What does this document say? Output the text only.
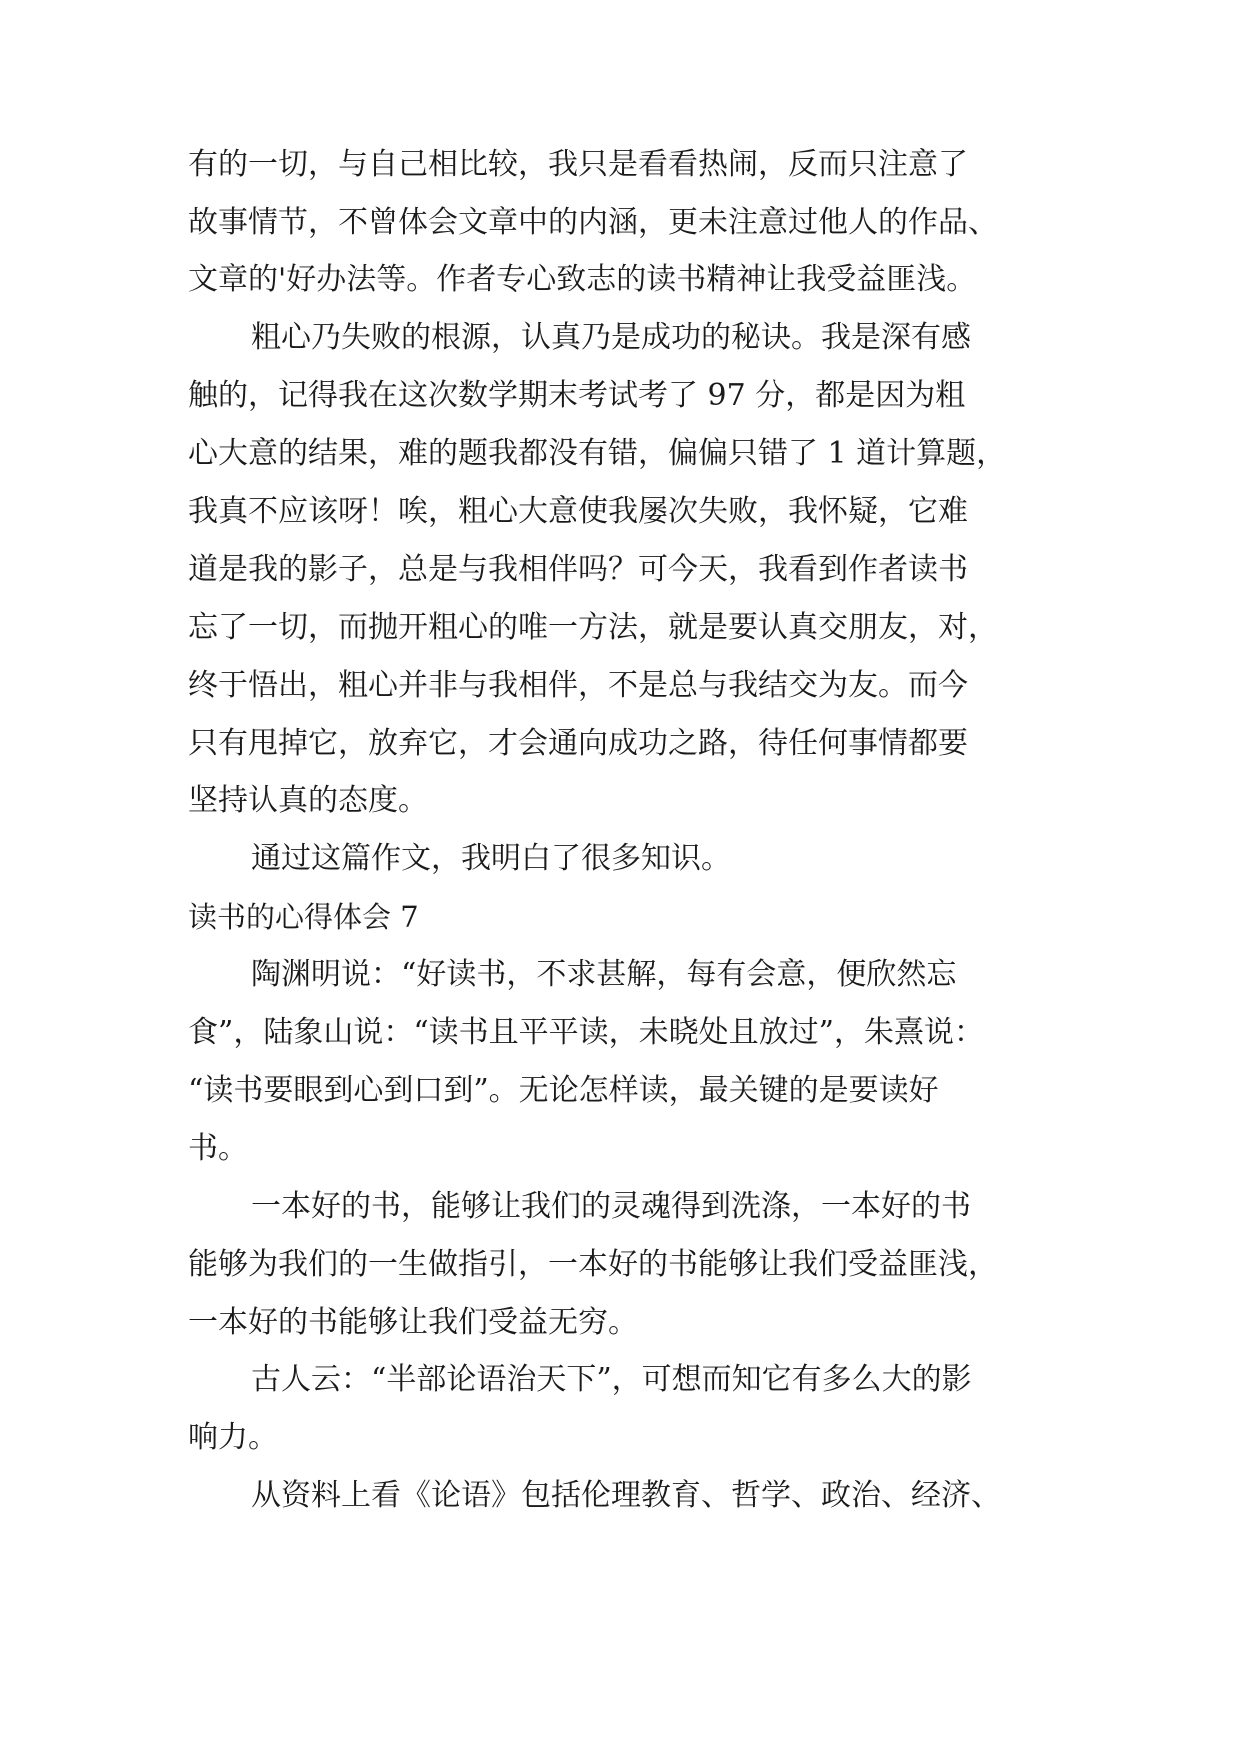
有的一切，与自己相比较，我只是看看热闹，反而只注意了

故事情节，不曾体会文章中的内涵，更未注意过他人的作品、

文章的'好办法等。作者专心致志的读书精神让我受益匪浅。

粗心乃失败的根源，认真乃是成功的秘诀。我是深有感

触的，记得我在这次数学期末考试考了 97 分，都是因为粗

心大意的结果，难的题我都没有错，偏偏只错了 1 道计算题，

我真不应该呀！唉，粗心大意使我屡次失败，我怀疑，它难

道是我的影子，总是与我相伴吗？可今天，我看到作者读书

忘了一切，而抛开粗心的唯一方法，就是要认真交朋友，对，

终于悟出，粗心并非与我相伴，不是总与我结交为友。而今

只有甩掉它，放弃它，才会通向成功之路，待任何事情都要

坚持认真的态度。

通过这篇作文，我明白了很多知识。

读书的心得体会 7

陶渊明说：“好读书，不求甚解，每有会意，便欣然忘

食”，陆象山说：“读书且平平读，未晓处且放过”，朱熹说：

“读书要眼到心到口到”。无论怎样读，最关键的是要读好

书。

一本好的书，能够让我们的灵魂得到洗涤，一本好的书

能够为我们的一生做指引，一本好的书能够让我们受益匪浅，

一本好的书能够让我们受益无穷。

古人云：“半部论语治天下”，可想而知它有多么大的影

响力。

从资料上看《论语》包括伦理教育、哲学、政治、经济、
